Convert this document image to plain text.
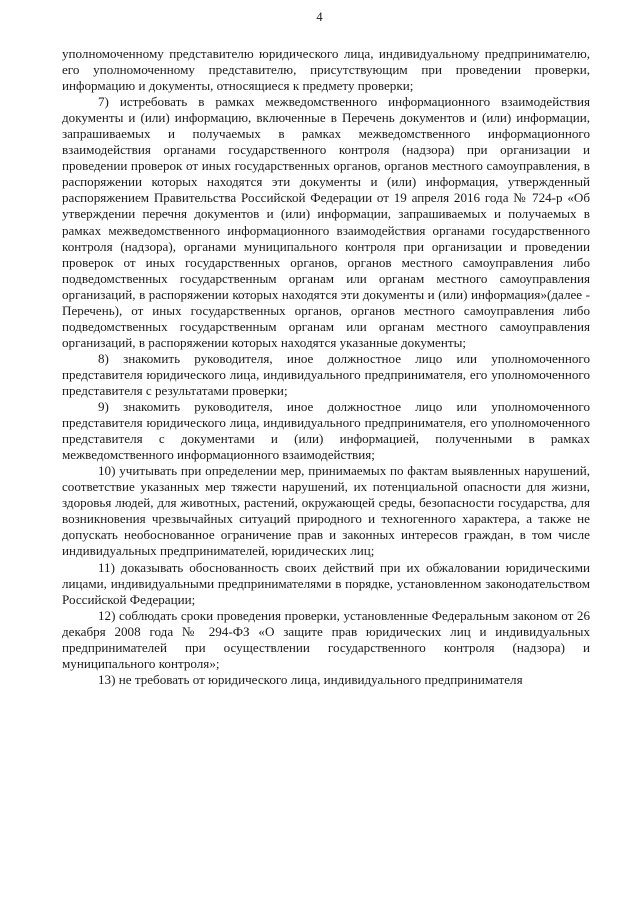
4

уполномоченному представителю юридического лица, индивидуальному предпринимателю, его уполномоченному представителю, присутствующим при проведении проверки, информацию и документы, относящиеся к предмету проверки;

7) истребовать в рамках межведомственного информационного взаимодействия документы и (или) информацию, включенные в Перечень документов и (или) информации, запрашиваемых и получаемых в рамках межведомственного информационного взаимодействия органами государственного контроля (надзора) при организации и проведении проверок от иных государственных органов, органов местного самоуправления, в распоряжении которых находятся эти документы и (или) информация, утвержденный распоряжением Правительства Российской Федерации от 19 апреля 2016 года № 724-р «Об утверждении перечня документов и (или) информации, запрашиваемых и получаемых в рамках межведомственного информационного взаимодействия органами государственного контроля (надзора), органами муниципального контроля при организации и проведении проверок от иных государственных органов, органов местного самоуправления либо подведомственных государственным органам или органам местного самоуправления организаций, в распоряжении которых находятся эти документы и (или) информация»(далее - Перечень), от иных государственных органов, органов местного самоуправления либо подведомственных государственным органам или органам местного самоуправления организаций, в распоряжении которых находятся указанные документы;

8) знакомить руководителя, иное должностное лицо или уполномоченного представителя юридического лица, индивидуального предпринимателя, его уполномоченного представителя с результатами проверки;

9) знакомить руководителя, иное должностное лицо или уполномоченного представителя юридического лица, индивидуального предпринимателя, его уполномоченного представителя с документами и (или) информацией, полученными в рамках межведомственного информационного взаимодействия;

10) учитывать при определении мер, принимаемых по фактам выявленных нарушений, соответствие указанных мер тяжести нарушений, их потенциальной опасности для жизни, здоровья людей, для животных, растений, окружающей среды, безопасности государства, для возникновения чрезвычайных ситуаций природного и техногенного характера, а также не допускать необоснованное ограничение прав и законных интересов граждан, в том числе индивидуальных предпринимателей, юридических лиц;

11) доказывать обоснованность своих действий при их обжаловании юридическими лицами, индивидуальными предпринимателями в порядке, установленном законодательством Российской Федерации;

12) соблюдать сроки проведения проверки, установленные Федеральным законом от 26 декабря 2008 года № 294-ФЗ «О защите прав юридических лиц и индивидуальных предпринимателей при осуществлении государственного контроля (надзора) и муниципального контроля»;

13) не требовать от юридического лица, индивидуального предпринимателя
